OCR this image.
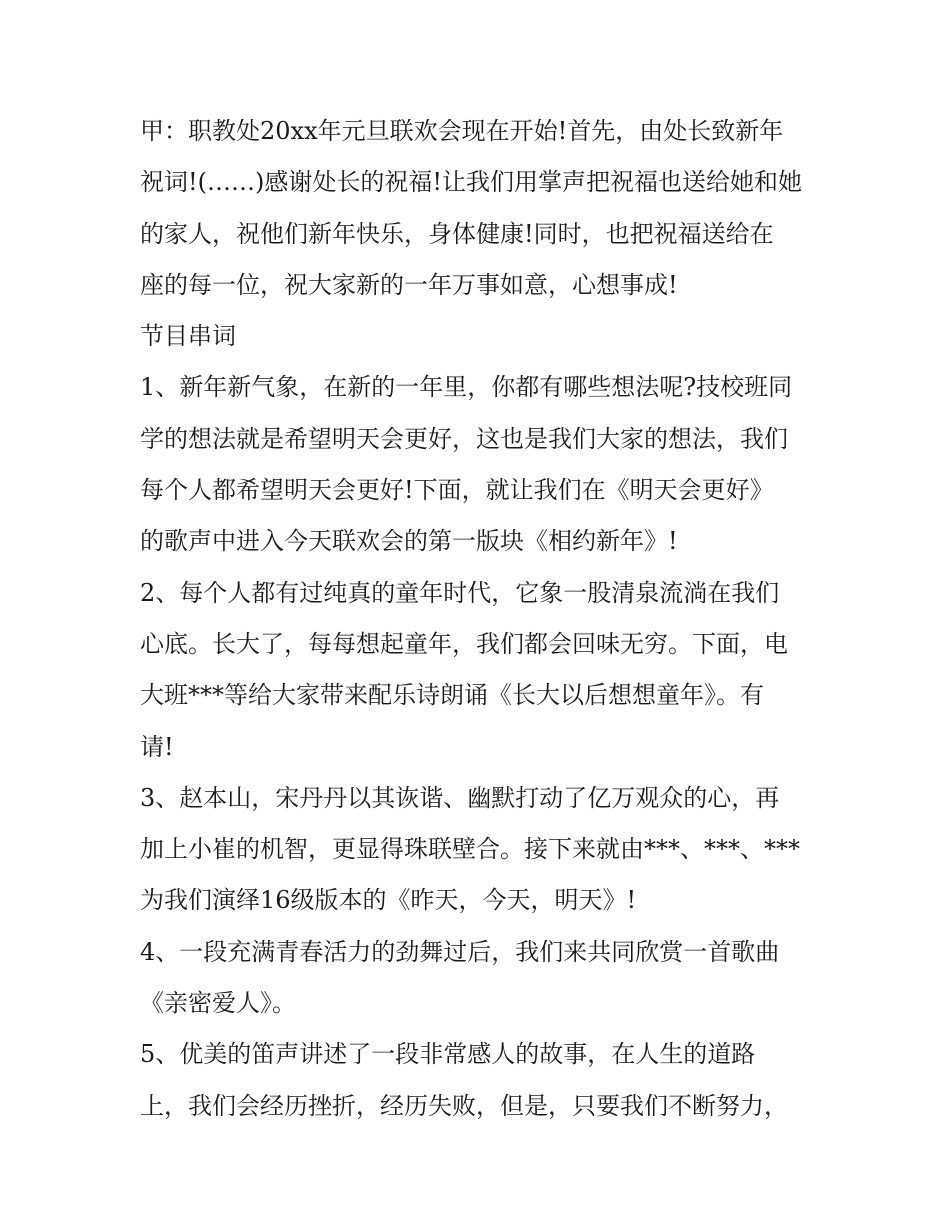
甲：职教处20xx年元旦联欢会现在开始!首先，由处长致新年
祝词!(……)感谢处长的祝福!让我们用掌声把祝福也送给她和她
的家人，祝他们新年快乐，身体健康!同时，也把祝福送给在
座的每一位，祝大家新的一年万事如意，心想事成!
节目串词
1、新年新气象，在新的一年里，你都有哪些想法呢?技校班同
学的想法就是希望明天会更好，这也是我们大家的想法，我们
每个人都希望明天会更好!下面，就让我们在《明天会更好》
的歌声中进入今天联欢会的第一版块《相约新年》!
2、每个人都有过纯真的童年时代，它象一股清泉流淌在我们
心底。长大了，每每想起童年，我们都会回味无穷。下面，电
大班***等给大家带来配乐诗朗诵《长大以后想想童年》。有
请!
3、赵本山，宋丹丹以其诙谐、幽默打动了亿万观众的心，再
加上小崔的机智，更显得珠联壁合。接下来就由***、***、***
为我们演绎16级版本的《昨天，今天，明天》!
4、一段充满青春活力的劲舞过后，我们来共同欣赏一首歌曲
《亲密爱人》。
5、优美的笛声讲述了一段非常感人的故事，在人生的道路
上，我们会经历挫折，经历失败，但是，只要我们不断努力，
